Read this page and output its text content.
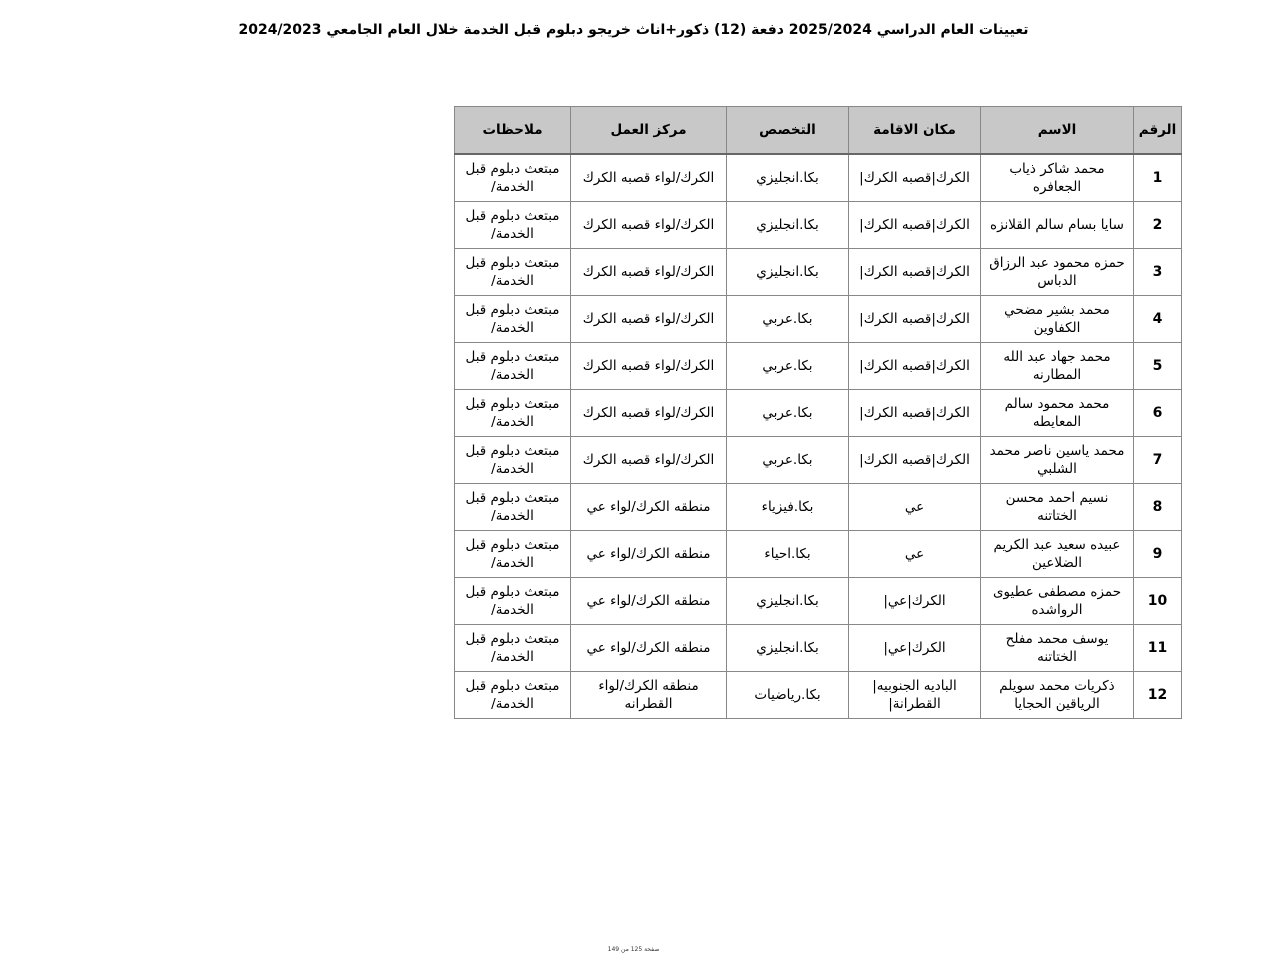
تعيينات العام الدراسي 2025/2024 دفعة (12) ذكور+اناث خريجو دبلوم قبل الخدمة خلال العام الجامعي 2024/2023
الرقم	الاسم	مكان الاقامة	التخصص	مركز العمل	ملاحظات
1	محمد شاكر ذياب الجعافره	الكرك|قصبه الكرك|	بكا.انجليزي	الكرك/لواء قصبه الكرك	مبتعث دبلوم قبل الخدمة/
2	سايا بسام سالم القلانزه	الكرك|قصبه الكرك|	بكا.انجليزي	الكرك/لواء قصبه الكرك	مبتعث دبلوم قبل الخدمة/
3	حمزه محمود عبد الرزاق الدباس	الكرك|قصبه الكرك|	بكا.انجليزي	الكرك/لواء قصبه الكرك	مبتعث دبلوم قبل الخدمة/
4	محمد بشير مضحي الكفاوين	الكرك|قصبه الكرك|	بكا.عربي	الكرك/لواء قصبه الكرك	مبتعث دبلوم قبل الخدمة/
5	محمد جهاد عبد الله المطارنه	الكرك|قصبه الكرك|	بكا.عربي	الكرك/لواء قصبه الكرك	مبتعث دبلوم قبل الخدمة/
6	محمد محمود سالم المعايطه	الكرك|قصبه الكرك|	بكا.عربي	الكرك/لواء قصبه الكرك	مبتعث دبلوم قبل الخدمة/
7	محمد ياسين ناصر محمد الشلبي	الكرك|قصبه الكرك|	بكا.عربي	الكرك/لواء قصبه الكرك	مبتعث دبلوم قبل الخدمة/
8	نسيم احمد محسن الختاتنه	عي	بكا.فيزياء	منطقه الكرك/لواء عي	مبتعث دبلوم قبل الخدمة/
9	عبيده سعيد عبد الكريم الضلاعين	عي	بكا.احياء	منطقه الكرك/لواء عي	مبتعث دبلوم قبل الخدمة/
10	حمزه مصطفى عطيوى الرواشده	الكرك|عي|	بكا.انجليزي	منطقه الكرك/لواء عي	مبتعث دبلوم قبل الخدمة/
11	يوسف محمد مفلح الختاتنه	الكرك|عي|	بكا.انجليزي	منطقه الكرك/لواء عي	مبتعث دبلوم قبل الخدمة/
12	ذكريات محمد سويلم الرياقين الحجايا	الباديه الجنوبيه|القطرانة|	بكا.رياضيات	منطقه الكرك/لواء القطرانه	مبتعث دبلوم قبل الخدمة/
صفحة 125 من 149
